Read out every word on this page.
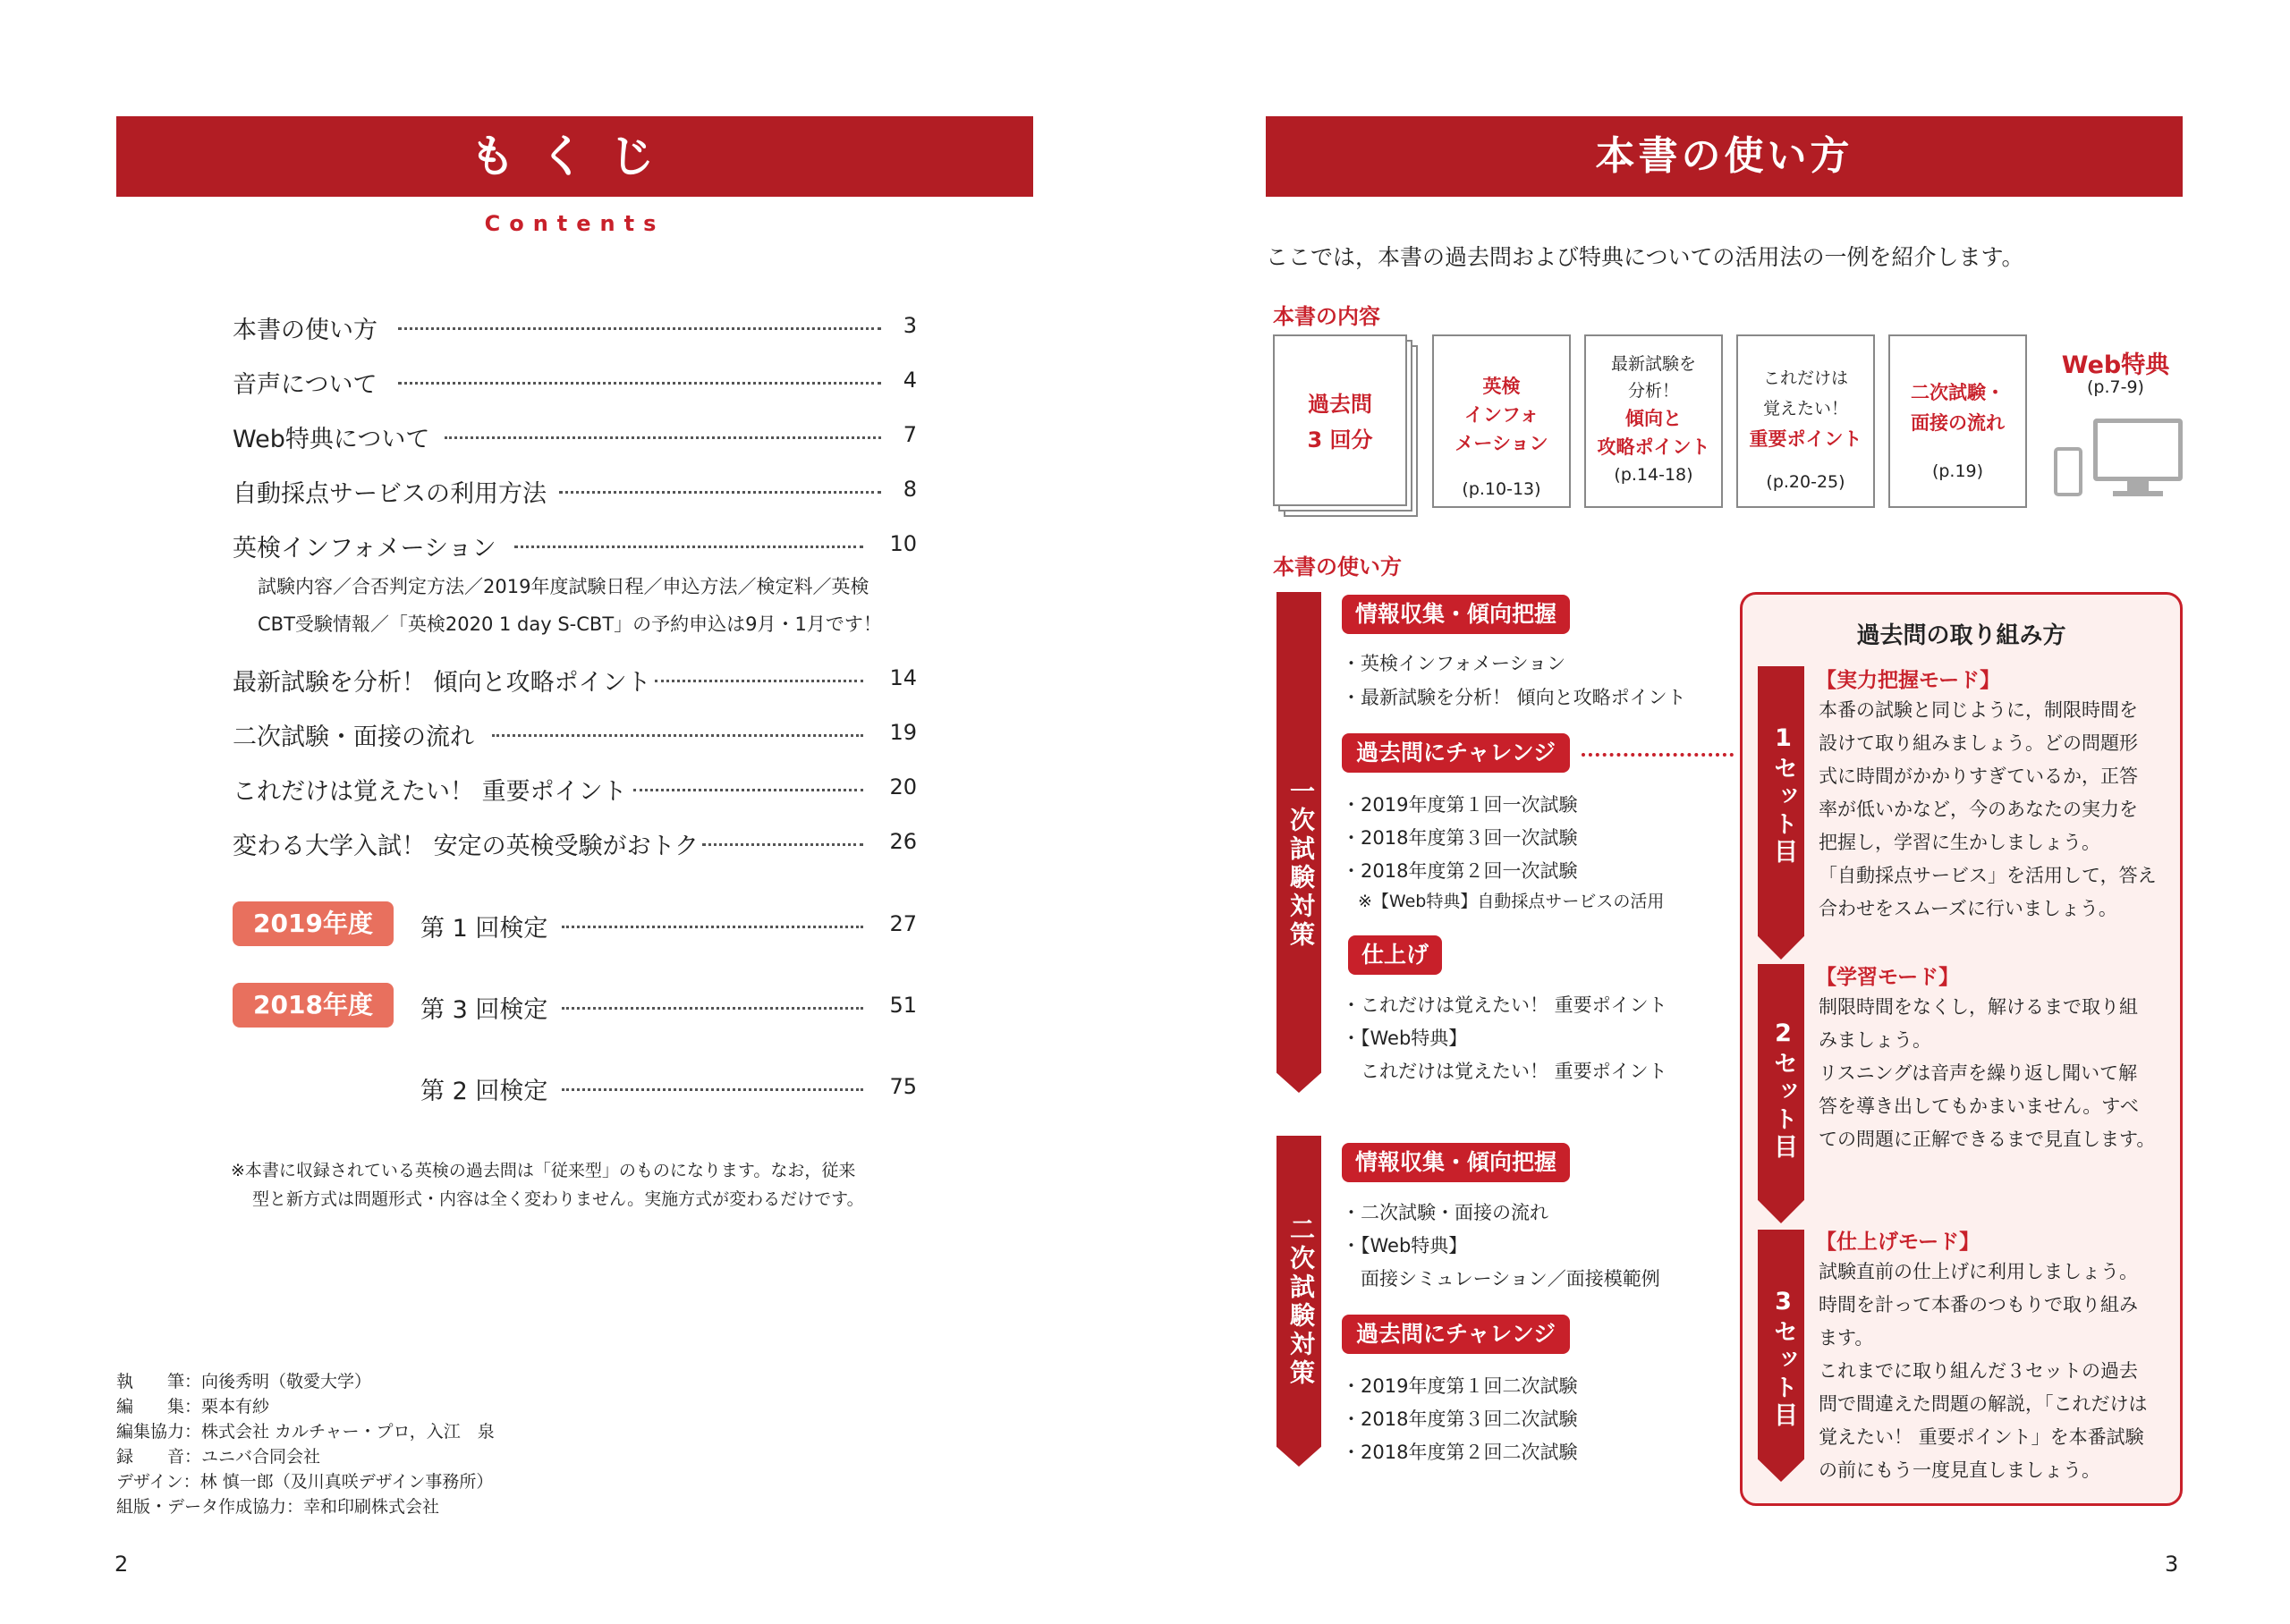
もくじ
Contents
本書の使い方	3
音声について	4
Web特典について	7
自動採点サービスの利用方法	8
英検インフォメーション	10
試験内容／合否判定方法／2019年度試験日程／申込方法／検定料／英検
CBT受験情報／「英検2020 1 day S-CBT」の予約申込は9月・1月です！
最新試験を分析！ 傾向と攻略ポイント	14
二次試験・面接の流れ	19
これだけは覚えたい！ 重要ポイント	20
変わる大学入試！ 安定の英検受験がおトク	26
2019年度	第 1 回検定	27
2018年度	第 3 回検定	51
第 2 回検定	75
※本書に収録されている英検の過去問は「従来型」のものになります。なお，従来
型と新方式は問題形式・内容は全く変わりません。実施方式が変わるだけです。
執　　筆：向後秀明（敬愛大学）
編　　集：栗本有紗
編集協力：株式会社 カルチャー・プロ，入江　泉
録　　音：ユニバ合同会社
デザイン：林 慎一郎（及川真咲デザイン事務所）
組版・データ作成協力：幸和印刷株式会社
2
本書の使い方
ここでは，本書の過去問および特典についての活用法の一例を紹介します。
本書の内容
過去問
3 回分
英検
インフォ
メーション
(p.10-13)
最新試験を
分析！
傾向と
攻略ポイント
(p.14-18)
これだけは
覚えたい！
重要ポイント
(p.20-25)
二次試験・
面接の流れ
(p.19)
Web特典
(p.7-9)
本書の使い方
一次試験対策
情報収集・傾向把握
・英検インフォメーション
・最新試験を分析！ 傾向と攻略ポイント
過去問にチャレンジ
・2019年度第１回一次試験
・2018年度第３回一次試験
・2018年度第２回一次試験
※【Web特典】自動採点サービスの活用
仕上げ
・これだけは覚えたい！ 重要ポイント
・【Web特典】
　これだけは覚えたい！ 重要ポイント
二次試験対策
情報収集・傾向把握
・二次試験・面接の流れ
・【Web特典】
　面接シミュレーション／面接模範例
過去問にチャレンジ
・2019年度第１回二次試験
・2018年度第３回二次試験
・2018年度第２回二次試験
過去問の取り組み方
1セット目
【実力把握モード】
本番の試験と同じように，制限時間を
設けて取り組みましょう。どの問題形
式に時間がかかりすぎているか，正答
率が低いかなど，今のあなたの実力を
把握し，学習に生かしましょう。
「自動採点サービス」を活用して，答え
合わせをスムーズに行いましょう。
2セット目
【学習モード】
制限時間をなくし，解けるまで取り組
みましょう。
リスニングは音声を繰り返し聞いて解
答を導き出してもかまいません。すべ
ての問題に正解できるまで見直します。
3セット目
【仕上げモード】
試験直前の仕上げに利用しましょう。
時間を計って本番のつもりで取り組み
ます。
これまでに取り組んだ３セットの過去
問で間違えた問題の解説，「これだけは
覚えたい！ 重要ポイント」を本番試験
の前にもう一度見直しましょう。
3
